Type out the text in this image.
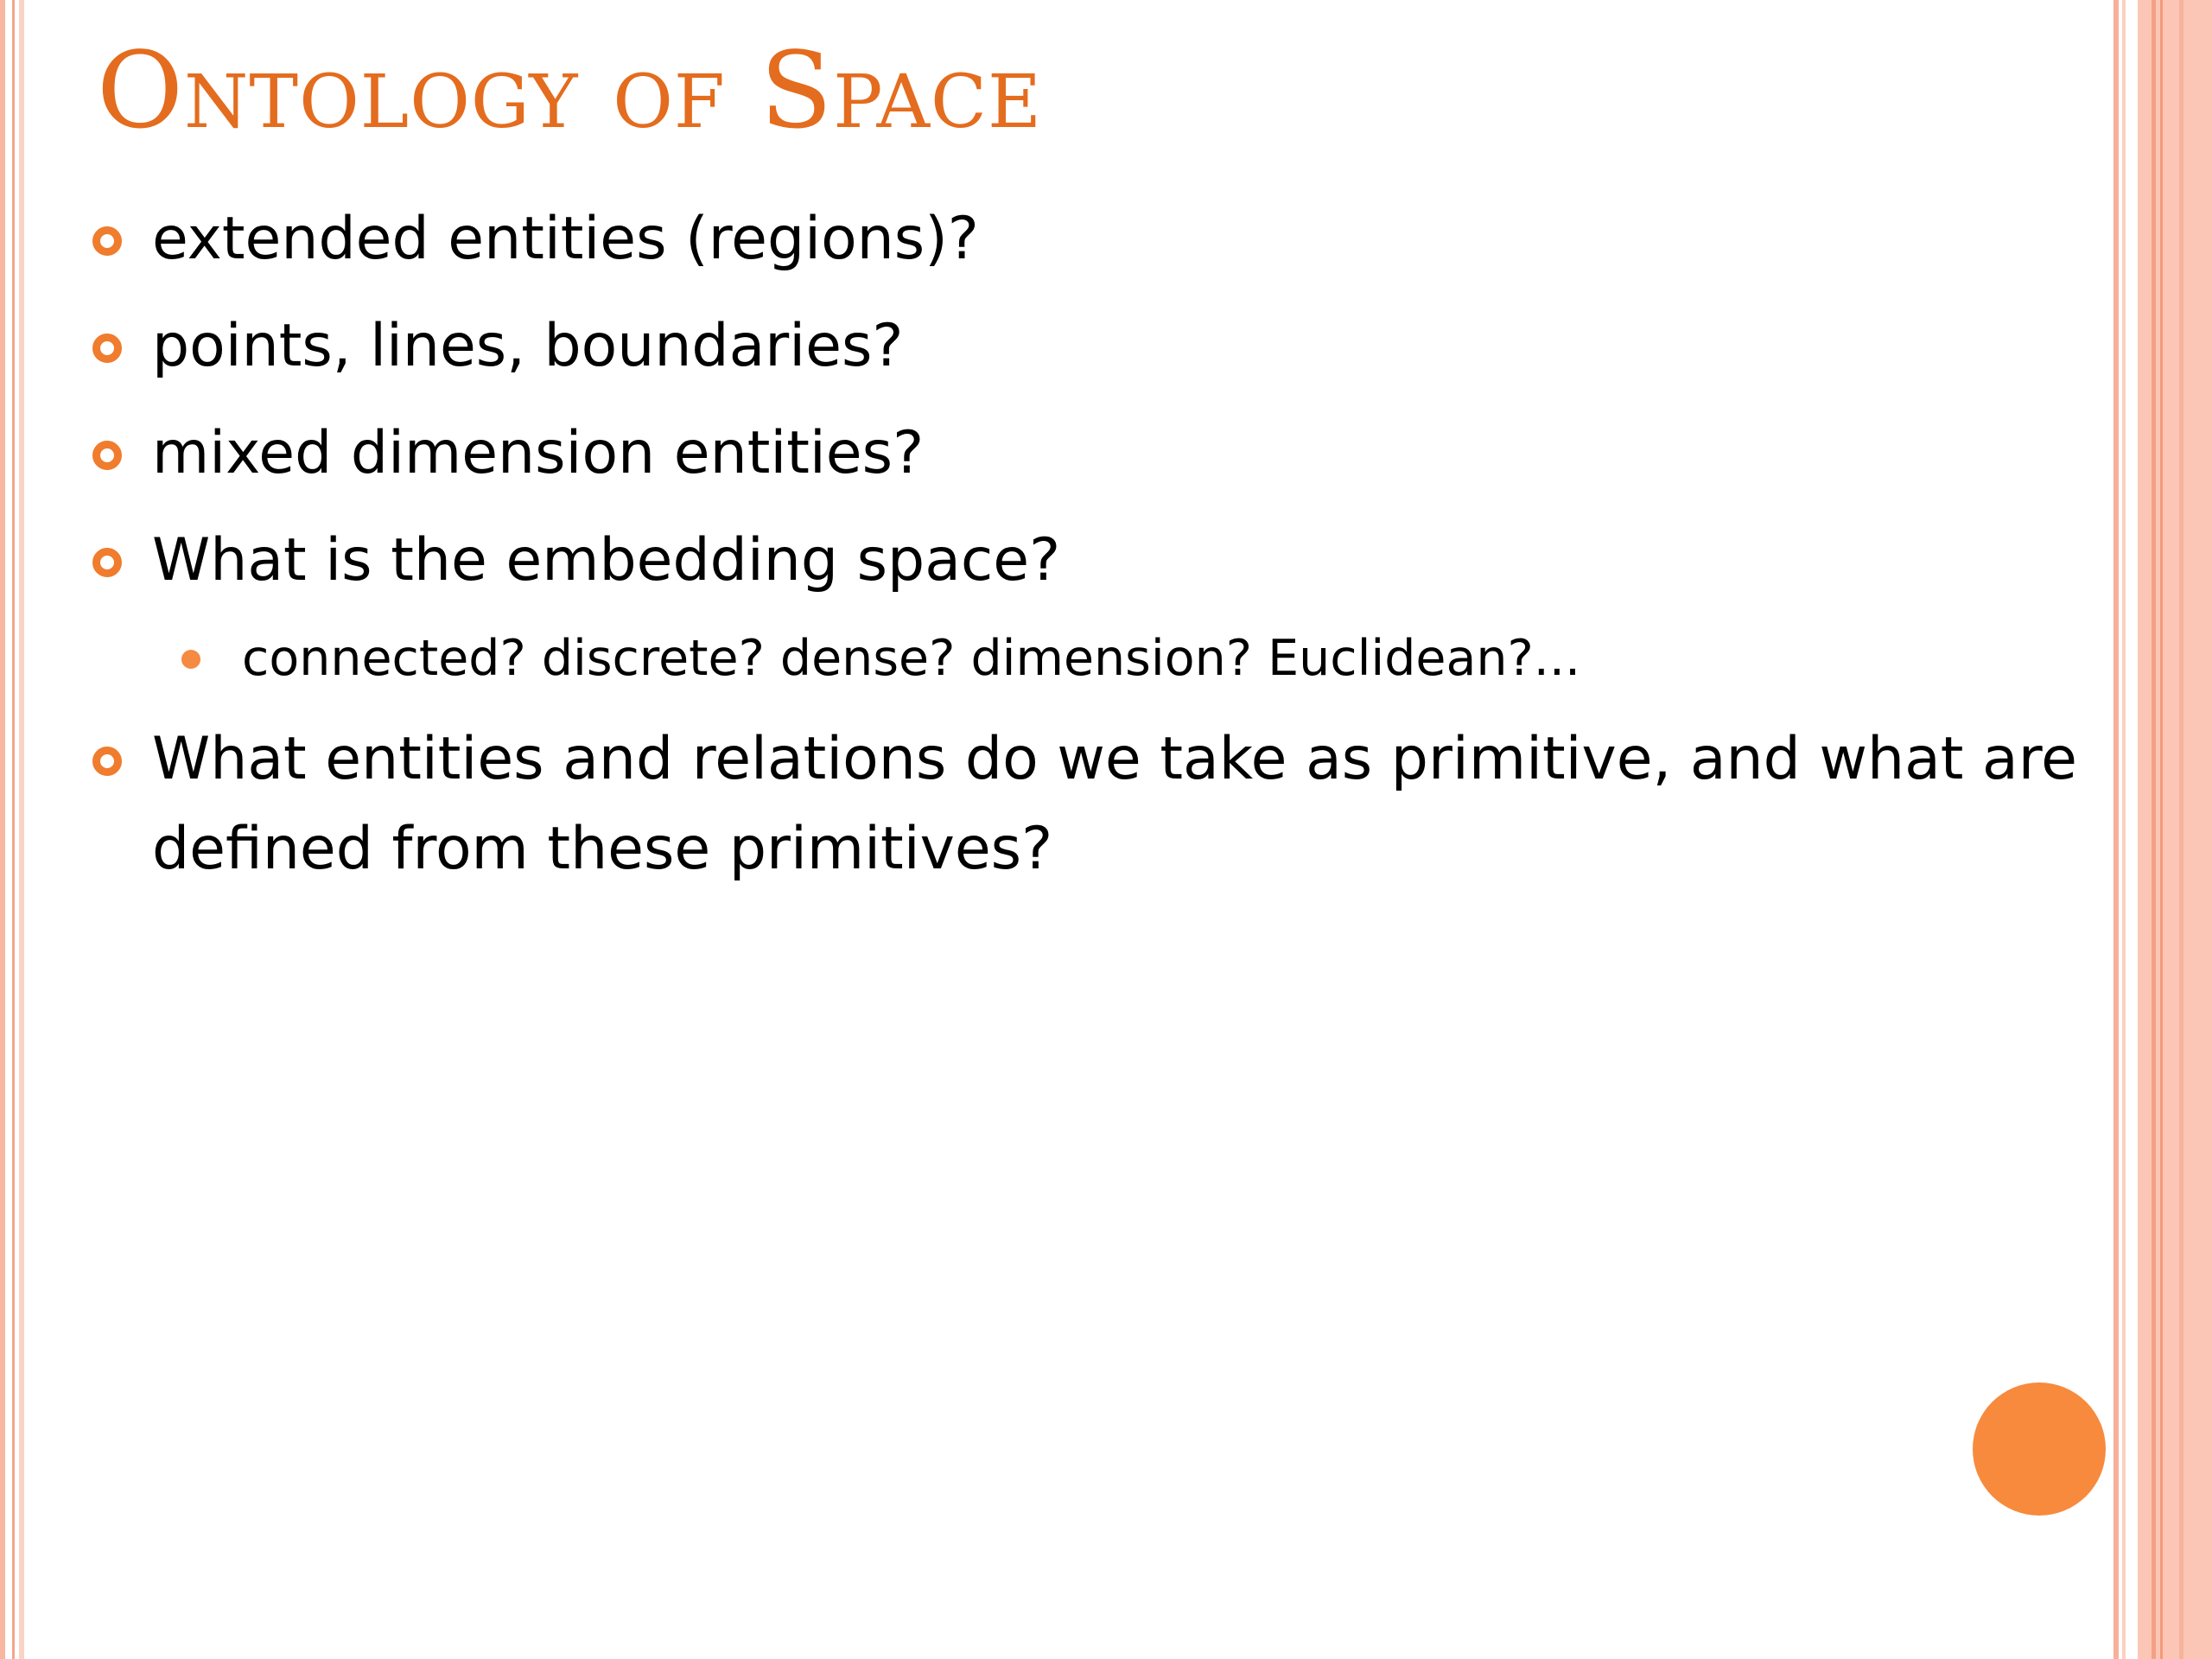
Ontology of Space
extended entities (regions)?
points, lines, boundaries?
mixed dimension entities?
What is the embedding space?
connected? discrete? dense? dimension? Euclidean?...
What entities and relations do we take as primitive, and what are defined from these primitives?
